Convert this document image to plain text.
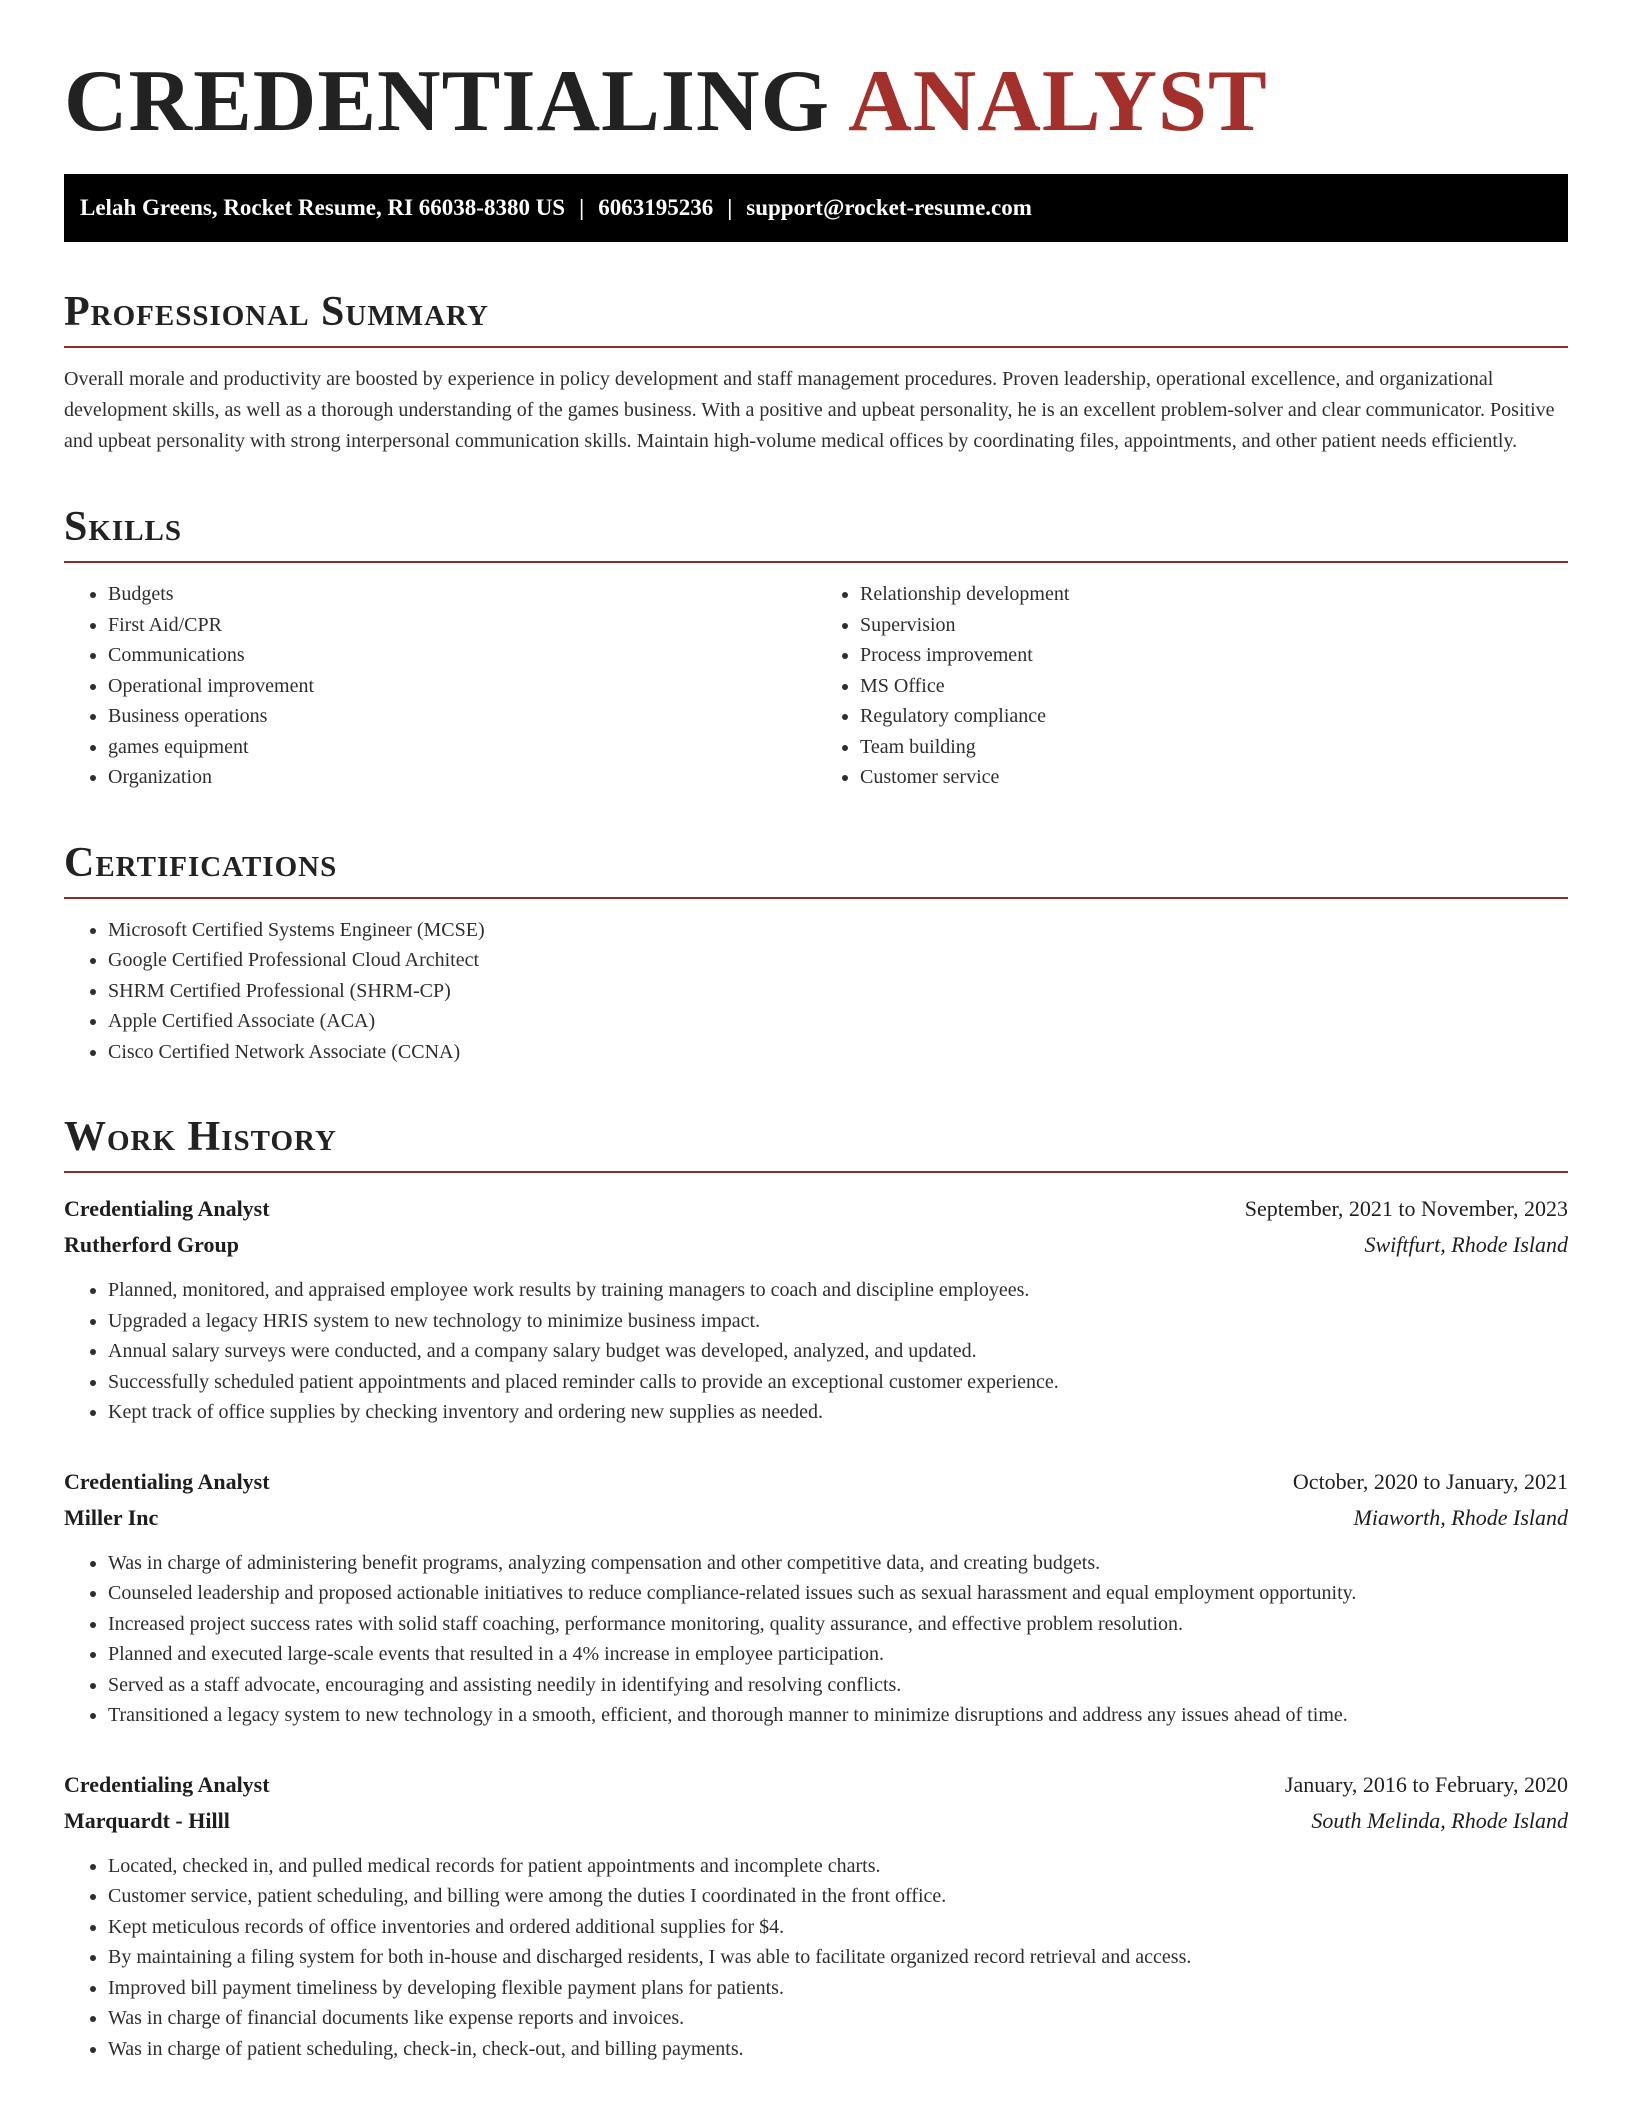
CREDENTIALING ANALYST
Lelah Greens, Rocket Resume, RI 66038-8380 US | 6063195236 | support@rocket-resume.com
Professional Summary

Overall morale and productivity are boosted by experience in policy development and staff management procedures. Proven leadership, operational excellence, and organizational development skills, as well as a thorough understanding of the games business. With a positive and upbeat personality, he is an excellent problem-solver and clear communicator. Positive and upbeat personality with strong interpersonal communication skills. Maintain high-volume medical offices by coordinating files, appointments, and other patient needs efficiently.

Skills
• Budgets
• First Aid/CPR
• Communications
• Operational improvement
• Business operations
• games equipment
• Organization
• Relationship development
• Supervision
• Process improvement
• MS Office
• Regulatory compliance
• Team building
• Customer service
Certifications
• Microsoft Certified Systems Engineer (MCSE)
• Google Certified Professional Cloud Architect
• SHRM Certified Professional (SHRM-CP)
• Apple Certified Associate (ACA)
• Cisco Certified Network Associate (CCNA)
Work History
Credentialing Analyst	September, 2021 to November, 2023
Rutherford Group	Swiftfurt, Rhode Island
• Planned, monitored, and appraised employee work results by training managers to coach and discipline employees.
• Upgraded a legacy HRIS system to new technology to minimize business impact.
• Annual salary surveys were conducted, and a company salary budget was developed, analyzed, and updated.
• Successfully scheduled patient appointments and placed reminder calls to provide an exceptional customer experience.
• Kept track of office supplies by checking inventory and ordering new supplies as needed.
Credentialing Analyst	October, 2020 to January, 2021
Miller Inc	Miaworth, Rhode Island
• Was in charge of administering benefit programs, analyzing compensation and other competitive data, and creating budgets.
• Counseled leadership and proposed actionable initiatives to reduce compliance-related issues such as sexual harassment and equal employment opportunity.
• Increased project success rates with solid staff coaching, performance monitoring, quality assurance, and effective problem resolution.
• Planned and executed large-scale events that resulted in a 4% increase in employee participation.
• Served as a staff advocate, encouraging and assisting needily in identifying and resolving conflicts.
• Transitioned a legacy system to new technology in a smooth, efficient, and thorough manner to minimize disruptions and address any issues ahead of time.
Credentialing Analyst	January, 2016 to February, 2020
Marquardt - Hilll	South Melinda, Rhode Island
• Located, checked in, and pulled medical records for patient appointments and incomplete charts.
• Customer service, patient scheduling, and billing were among the duties I coordinated in the front office.
• Kept meticulous records of office inventories and ordered additional supplies for $4.
• By maintaining a filing system for both in-house and discharged residents, I was able to facilitate organized record retrieval and access.
• Improved bill payment timeliness by developing flexible payment plans for patients.
• Was in charge of financial documents like expense reports and invoices.
• Was in charge of patient scheduling, check-in, check-out, and billing payments.
